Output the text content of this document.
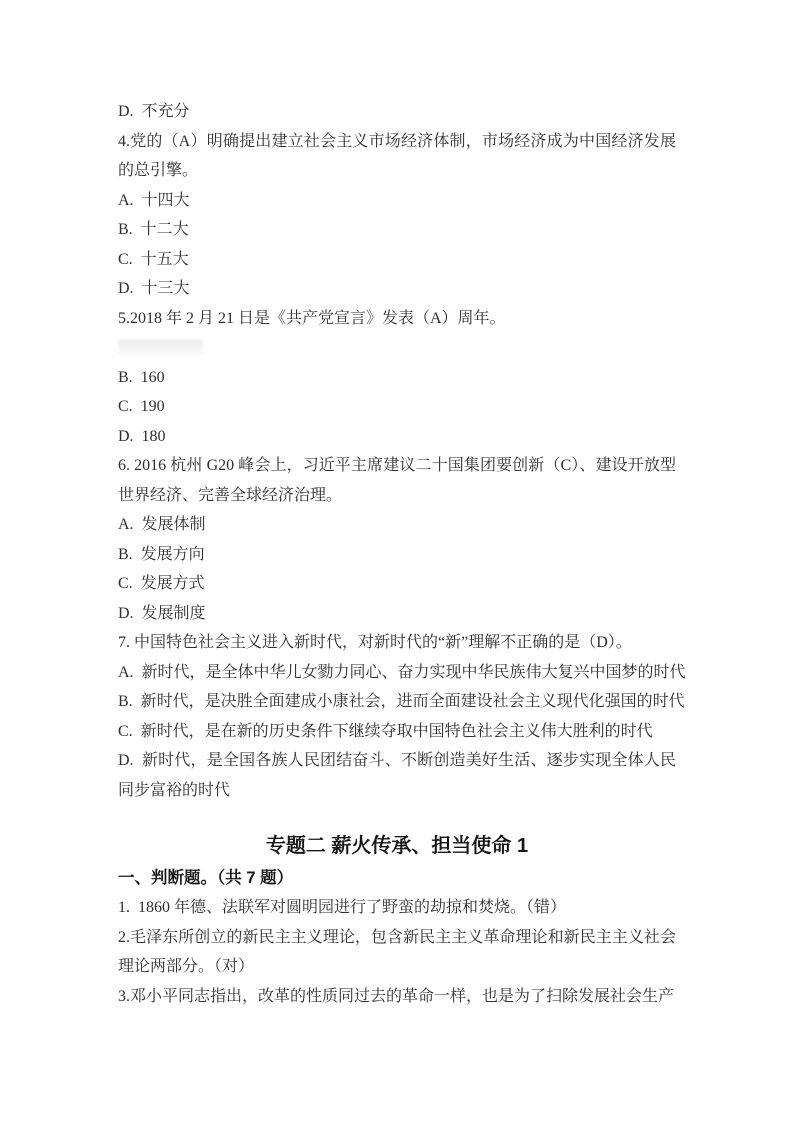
D.  不充分

4.党的（A）明确提出建立社会主义市场经济体制，市场经济成为中国经济发展的总引擎。

A.  十四大

B.  十二大

C.  十五大

D.  十三大

5.2018 年 2 月 21 日是《共产党宣言》发表（A）周年。

B.  160

C.  190

D.  180

6. 2016 杭州 G20 峰会上，习近平主席建议二十国集团要创新（C）、建设开放型世界经济、完善全球经济治理。

A.  发展体制

B.  发展方向

C.  发展方式

D.  发展制度

7. 中国特色社会主义进入新时代，对新时代的“新”理解不正确的是（D）。

A.  新时代，是全体中华儿女勠力同心、奋力实现中华民族伟大复兴中国梦的时代

B.  新时代，是决胜全面建成小康社会，进而全面建设社会主义现代化强国的时代

C.  新时代，是在新的历史条件下继续夺取中国特色社会主义伟大胜利的时代

D.  新时代，是全国各族人民团结奋斗、不断创造美好生活、逐步实现全体人民同步富裕的时代

专题二 薪火传承、担当使命 1
一、判断题。（共 7 题）

1.  1860 年德、法联军对圆明园进行了野蛮的劫掠和焚烧。（错）

2.毛泽东所创立的新民主主义理论，包含新民主主义革命理论和新民主主义社会理论两部分。（对）

3.邓小平同志指出，改革的性质同过去的革命一样，也是为了扫除发展社会生产
